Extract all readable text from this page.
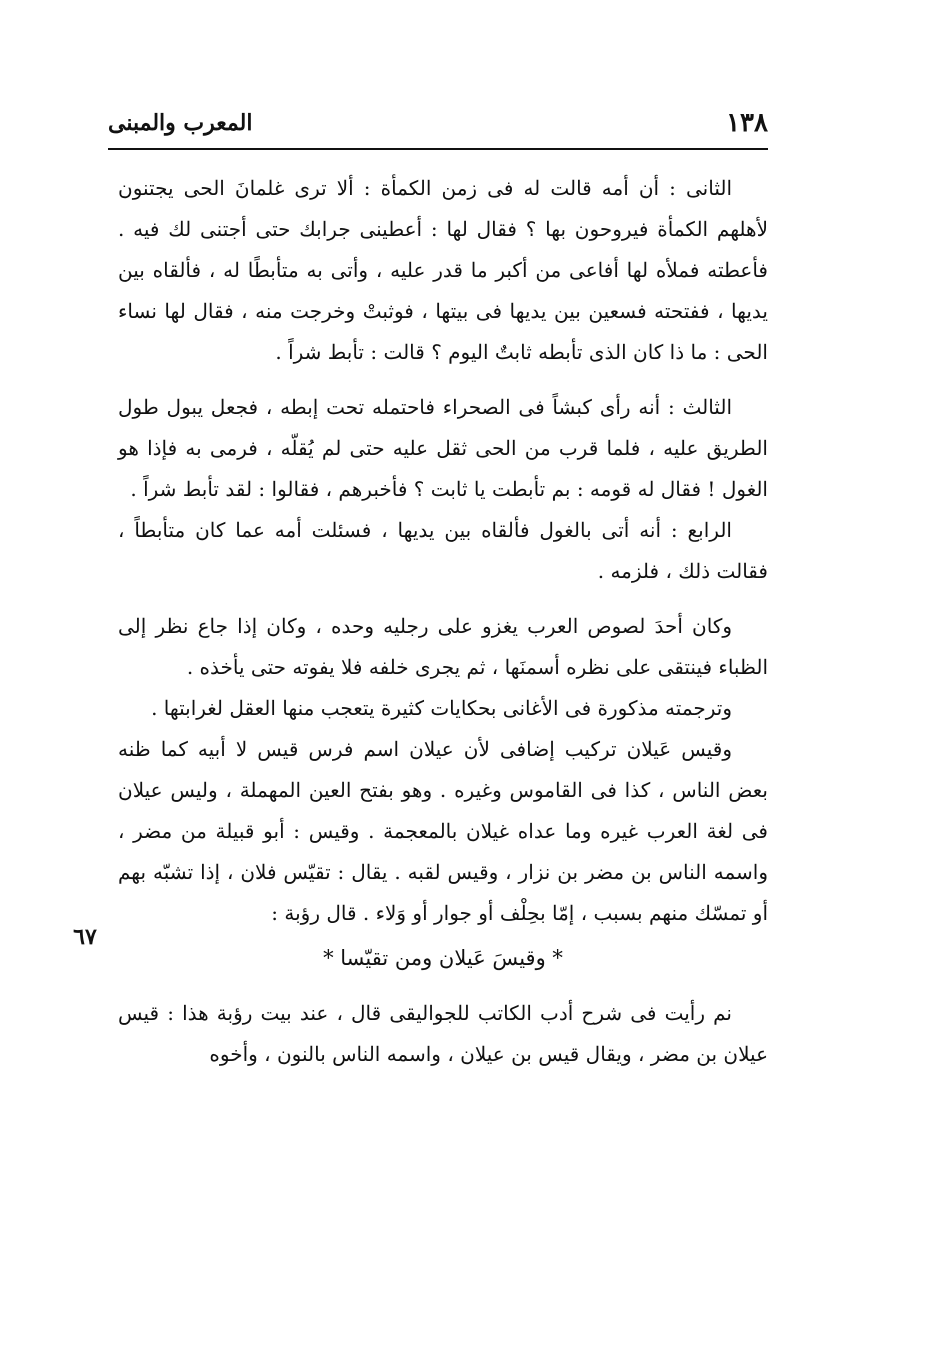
١٣٨
المعرب والمبنى
٦٧

الثانى : أن أمه قالت له فى زمن الكمأة : ألا ترى غلمانَ الحى يجتنون لأهلهم الكمأة فيروحون بها ؟ فقال لها : أعطينى جرابك حتى أجتنى لك فيه . فأعطته فملأه لها أفاعى من أكبر ما قدر عليه ، وأتى به متأبطًا له ، فألقاه بين يديها ، ففتحته فسعين بين يديها فى بيتها ، فوثبتْ وخرجت منه ، فقال لها نساء الحى : ما ذا كان الذى تأبطه ثابتٌ اليوم ؟ قالت : تأبط شراً .

الثالث : أنه رأى كبشاً فى الصحراء فاحتمله تحت إبطه ، فجعل يبول طول الطريق عليه ، فلما قرب من الحى ثقل عليه حتى لم يُقلّه ، فرمى به فإذا هو الغول ! فقال له قومه : بم تأبطت يا ثابت ؟ فأخبرهم ، فقالوا : لقد تأبط شراً .

الرابع : أنه أتى بالغول فألقاه بين يديها ، فسئلت أمه عما كان متأبطاً ، فقالت ذلك ، فلزمه .

وكان أحدَ لصوص العرب يغزو على رجليه وحده ، وكان إذا جاع نظر إلى الظباء فينتقى على نظره أسمنَها ، ثم يجرى خلفه فلا يفوته حتى يأخذه .

وترجمته مذكورة فى الأغانى بحكايات كثيرة يتعجب منها العقل لغرابتها .

وقيس عَيلان تركيب إضافى لأن عيلان اسم فرس قيس لا أبيه كما ظنه بعض الناس ، كذا فى القاموس وغيره . وهو بفتح العين المهملة ، وليس عيلان فى لغة العرب غيره وما عداه غيلان بالمعجمة . وقيس : أبو قبيلة من مضر ، واسمه الناس بن مضر بن نزار ، وقيس لقبه . يقال : تقيّس فلان ، إذا تشبّه بهم أو تمسّك منهم بسبب ، إمّا بحِلْف أو جوار أو وَلاء . قال رؤبة :

* وقيسَ عَيلان ومن تقيّسا *

نم رأيت فى شرح أدب الكاتب للجواليقى قال ، عند بيت رؤبة هذا : قيس عيلان بن مضر ، ويقال قيس بن عيلان ، واسمه الناس بالنون ، وأخوه
